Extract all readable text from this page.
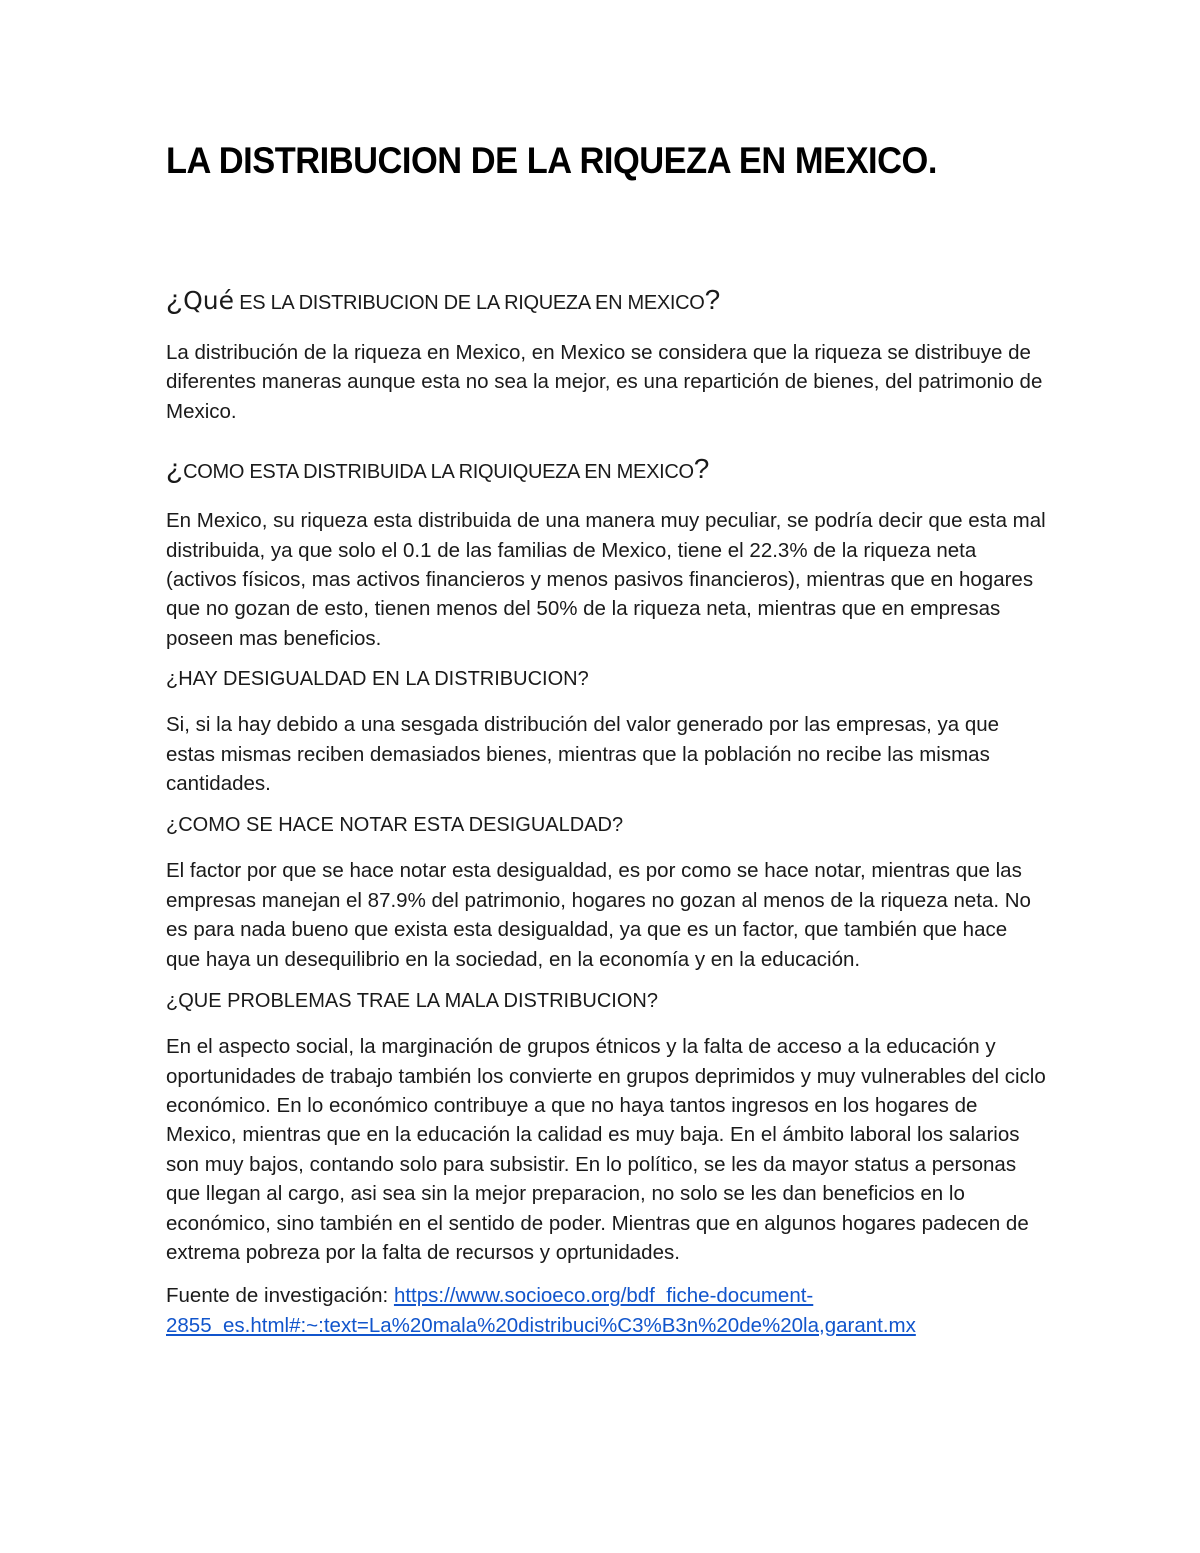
LA DISTRIBUCION DE LA RIQUEZA EN MEXICO.

¿Qué ES LA DISTRIBUCION DE LA RIQUEZA EN MEXICO?

La distribución de la riqueza en Mexico, en Mexico se considera que la riqueza se distribuye de diferentes maneras aunque esta no sea la mejor, es una repartición de bienes, del patrimonio de Mexico.

¿COMO ESTA DISTRIBUIDA LA RIQUIQUEZA EN MEXICO?

En Mexico, su riqueza esta distribuida de una manera muy peculiar, se podría decir que esta mal distribuida, ya que solo el 0.1 de las familias de Mexico, tiene el 22.3% de la riqueza neta (activos físicos, mas activos financieros y menos pasivos financieros), mientras que en hogares que no gozan de esto, tienen menos del 50% de la riqueza neta, mientras que en empresas poseen mas beneficios.

¿HAY DESIGUALDAD EN LA DISTRIBUCION?

Si, si la hay debido a una sesgada distribución del valor generado por las empresas, ya que estas mismas reciben demasiados bienes, mientras que la población no recibe las mismas cantidades.

¿COMO SE HACE NOTAR ESTA DESIGUALDAD?

El factor por que se hace notar esta desigualdad, es por como se hace notar, mientras que las empresas manejan el 87.9% del patrimonio, hogares no gozan al menos de la riqueza neta. No es para nada bueno que exista esta desigualdad, ya que es un factor, que también que hace que haya un desequilibrio en la sociedad, en la economía y en la educación.

¿QUE PROBLEMAS TRAE LA MALA DISTRIBUCION?

En el aspecto social, la marginación de grupos étnicos y la falta de acceso a la educación y oportunidades de trabajo también los convierte en grupos deprimidos y muy vulnerables del ciclo económico. En lo económico contribuye a que no haya tantos ingresos en los hogares de Mexico, mientras que en la educación la calidad es muy baja. En el ámbito laboral los salarios son muy bajos, contando solo para subsistir. En lo político, se les da mayor status a personas que llegan al cargo, asi sea sin la mejor preparacion, no solo se les dan beneficios en lo económico, sino también en el sentido de poder. Mientras que en algunos hogares padecen de extrema pobreza por la falta de recursos y oprtunidades.

Fuente de investigación: https://www.socioeco.org/bdf_fiche-document-
2855_es.html#:~:text=La%20mala%20distribuci%C3%B3n%20de%20la,garant.mx
